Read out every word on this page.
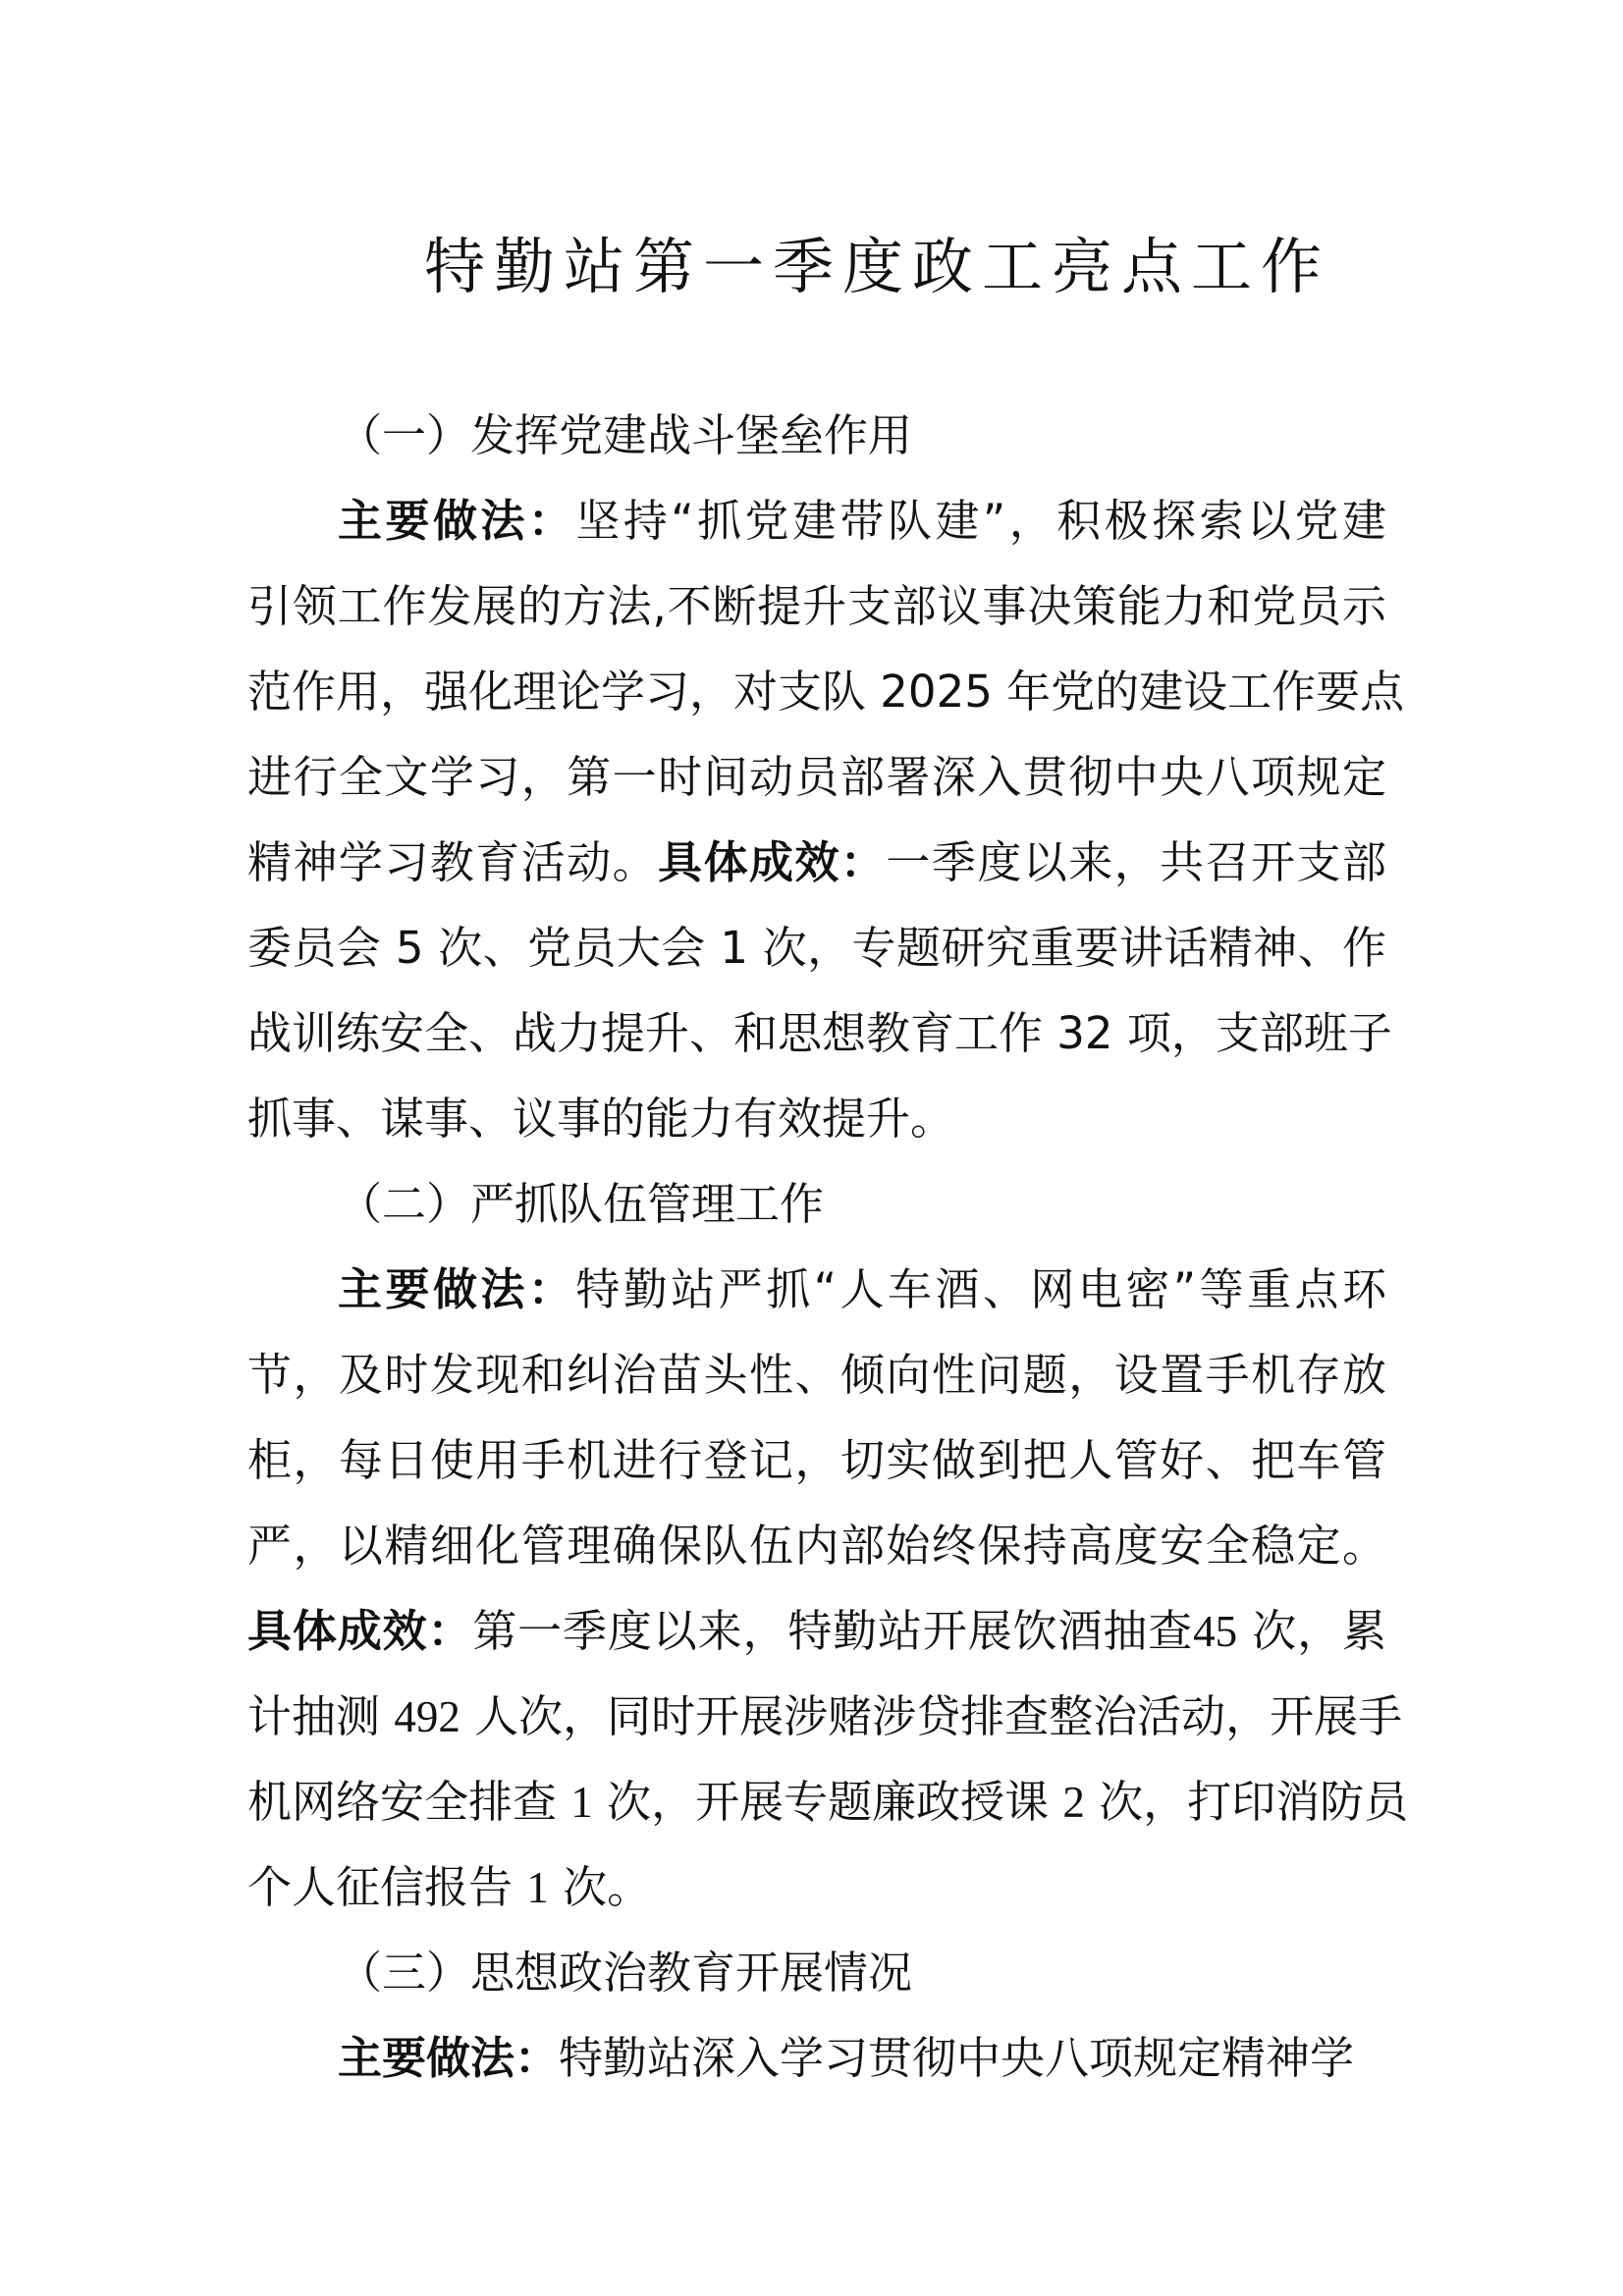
特勤站第一季度政工亮点工作
（一）发挥党建战斗堡垒作用
主要做法：坚持“抓党建带队建”，积极探索以党建
引领工作发展的方法,不断提升支部议事决策能力和党员示
范作用，强化理论学习，对支队 2025 年党的建设工作要点
进行全文学习，第一时间动员部署深入贯彻中央八项规定
精神学习教育活动。具体成效：一季度以来，共召开支部
委员会 5 次、党员大会 1 次，专题研究重要讲话精神、作
战训练安全、战力提升、和思想教育工作 32 项，支部班子
抓事、谋事、议事的能力有效提升。
（二）严抓队伍管理工作
主要做法：特勤站严抓“人车酒、网电密”等重点环
节，及时发现和纠治苗头性、倾向性问题，设置手机存放
柜，每日使用手机进行登记，切实做到把人管好、把车管
严，以精细化管理确保队伍内部始终保持高度安全稳定。
具体成效：第一季度以来，特勤站开展饮酒抽查45 次，累
计抽测 492 人次，同时开展涉赌涉贷排查整治活动，开展手
机网络安全排查 1 次，开展专题廉政授课 2 次，打印消防员
个人征信报告 1 次。
（三）思想政治教育开展情况
主要做法：特勤站深入学习贯彻中央八项规定精神学
